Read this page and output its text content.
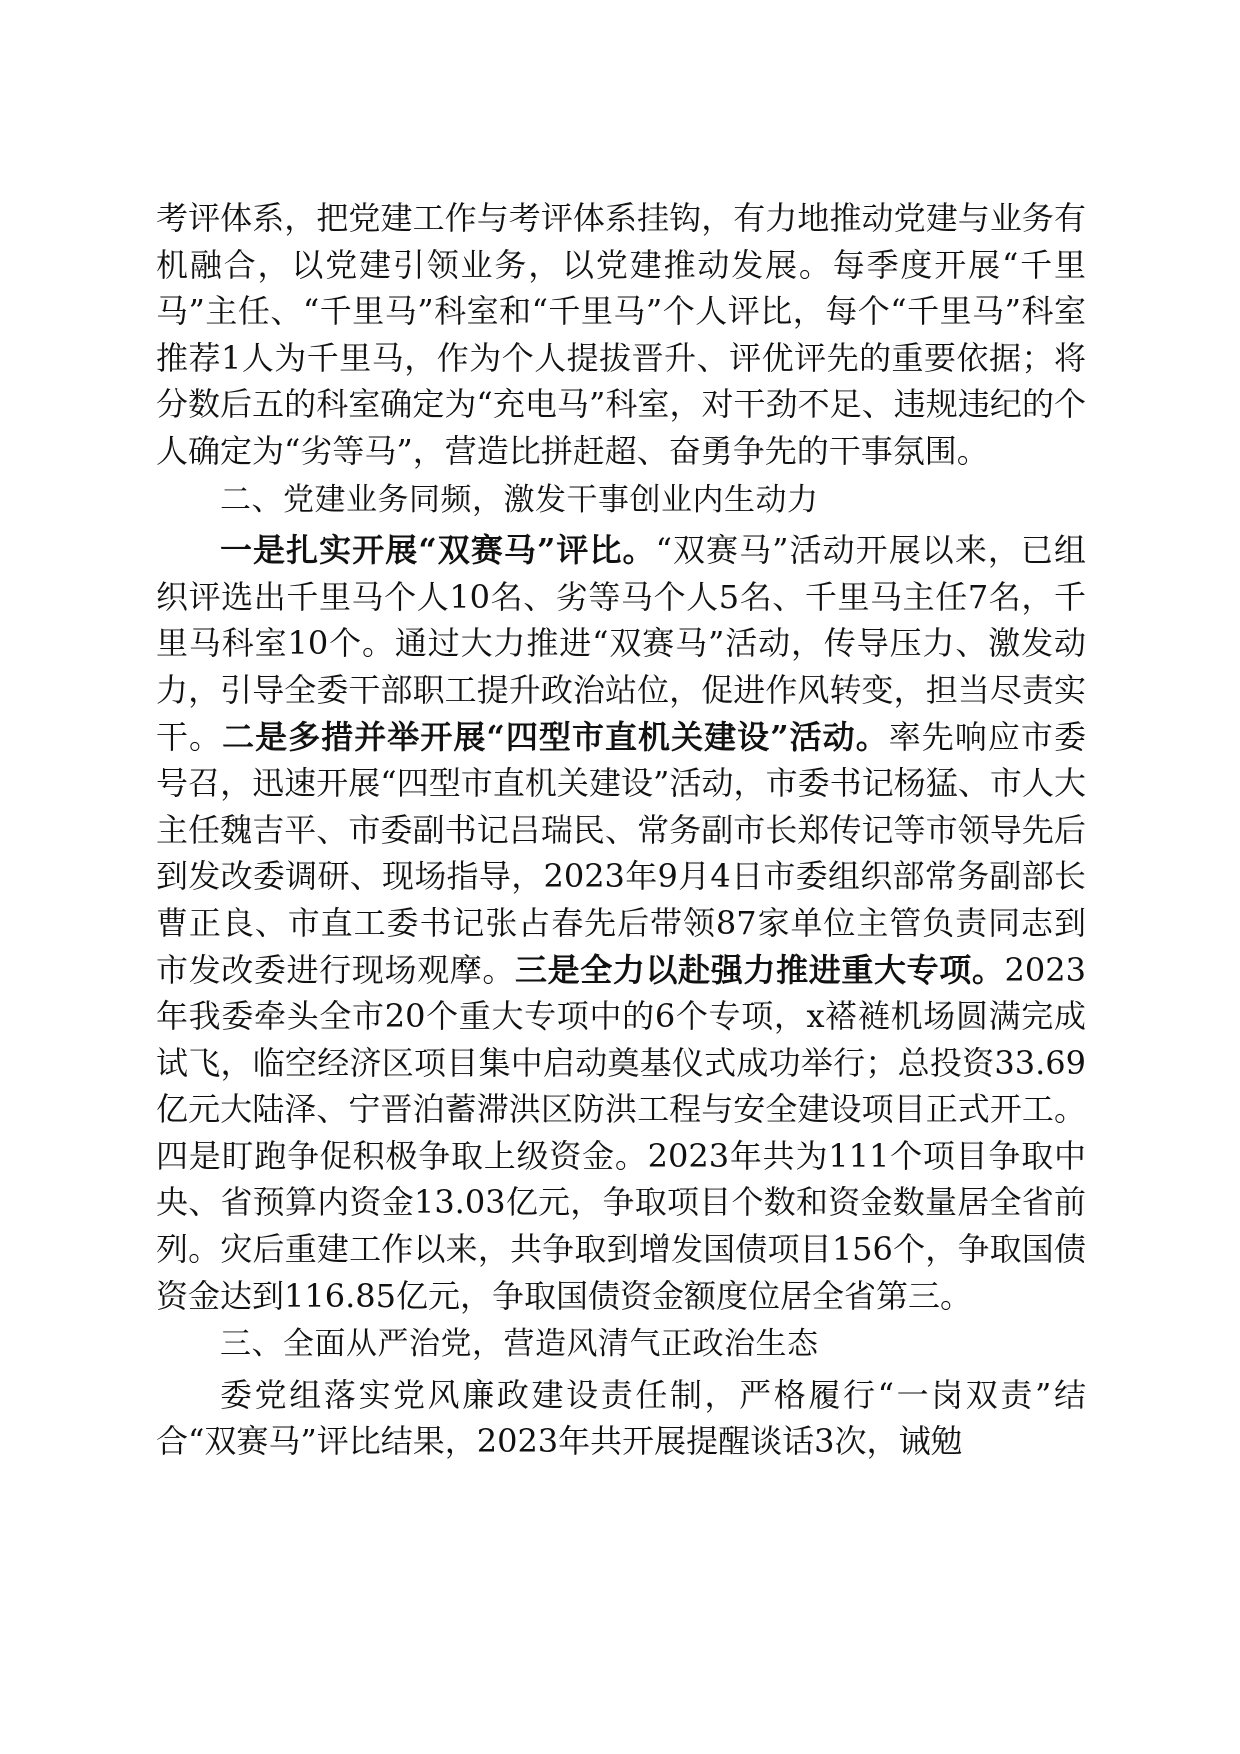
考评体系，把党建工作与考评体系挂钩，有力地推动党建与业务有机融合，以党建引领业务，以党建推动发展。每季度开展“千里马”主任、“千里马”科室和“千里马”个人评比，每个“千里马”科室推荐1人为千里马，作为个人提拔晋升、评优评先的重要依据；将分数后五的科室确定为“充电马”科室，对干劲不足、违规违纪的个人确定为“劣等马”，营造比拼赶超、奋勇争先的干事氛围。

二、党建业务同频，激发干事创业内生动力

一是扎实开展“双赛马”评比。“双赛马”活动开展以来，已组织评选出千里马个人10名、劣等马个人5名、千里马主任7名，千里马科室10个。通过大力推进“双赛马”活动，传导压力、激发动力，引导全委干部职工提升政治站位，促进作风转变，担当尽责实干。二是多措并举开展“四型市直机关建设”活动。率先响应市委号召，迅速开展“四型市直机关建设”活动，市委书记杨猛、市人大主任魏吉平、市委副书记吕瑞民、常务副市长郑传记等市领导先后到发改委调研、现场指导，2023年9月4日市委组织部常务副部长曹正良、市直工委书记张占春先后带领87家单位主管负责同志到市发改委进行现场观摩。三是全力以赴强力推进重大专项。2023年我委牵头全市20个重大专项中的6个专项，x褡裢机场圆满完成试飞，临空经济区项目集中启动奠基仪式成功举行；总投资33.69亿元大陆泽、宁晋泊蓄滞洪区防洪工程与安全建设项目正式开工。四是盯跑争促积极争取上级资金。2023年共为111个项目争取中央、省预算内资金13.03亿元，争取项目个数和资金数量居全省前列。灾后重建工作以来，共争取到增发国债项目156个，争取国债资金达到116.85亿元，争取国债资金额度位居全省第三。

三、全面从严治党，营造风清气正政治生态

委党组落实党风廉政建设责任制，严格履行“一岗双责”结合“双赛马”评比结果，2023年共开展提醒谈话3次，诫勉
